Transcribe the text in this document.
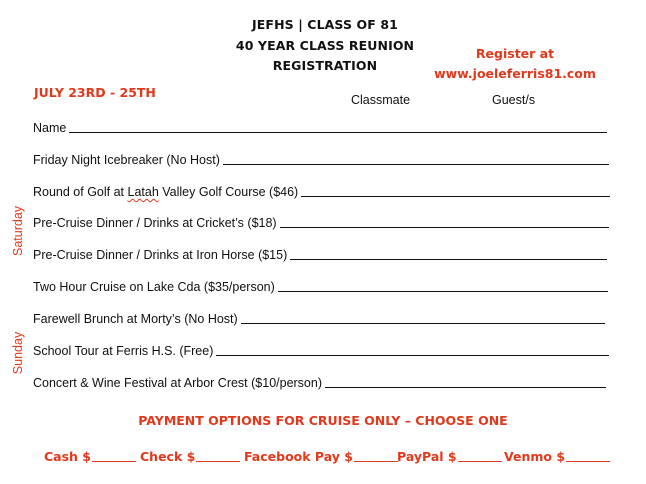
JEFHS | CLASS OF 81
40 YEAR CLASS REUNION
REGISTRATION
Register at
www.joeleferris81.com
JULY 23RD - 25TH	Classmate	Guest/s
Saturday
Sunday
Name
Friday Night Icebreaker (No Host)
Round of Golf at Latah Valley Golf Course ($46)
Pre-Cruise Dinner / Drinks at Cricket’s ($18)
Pre-Cruise Dinner / Drinks at Iron Horse ($15)
Two Hour Cruise on Lake Cda ($35/person)
Farewell Brunch at Morty’s (No Host)
School Tour at Ferris H.S. (Free)
Concert & Wine Festival at Arbor Crest ($10/person)
PAYMENT OPTIONS FOR CRUISE ONLY – CHOOSE ONE
Cash $	Check $	Facebook Pay $	PayPal $	Venmo $
